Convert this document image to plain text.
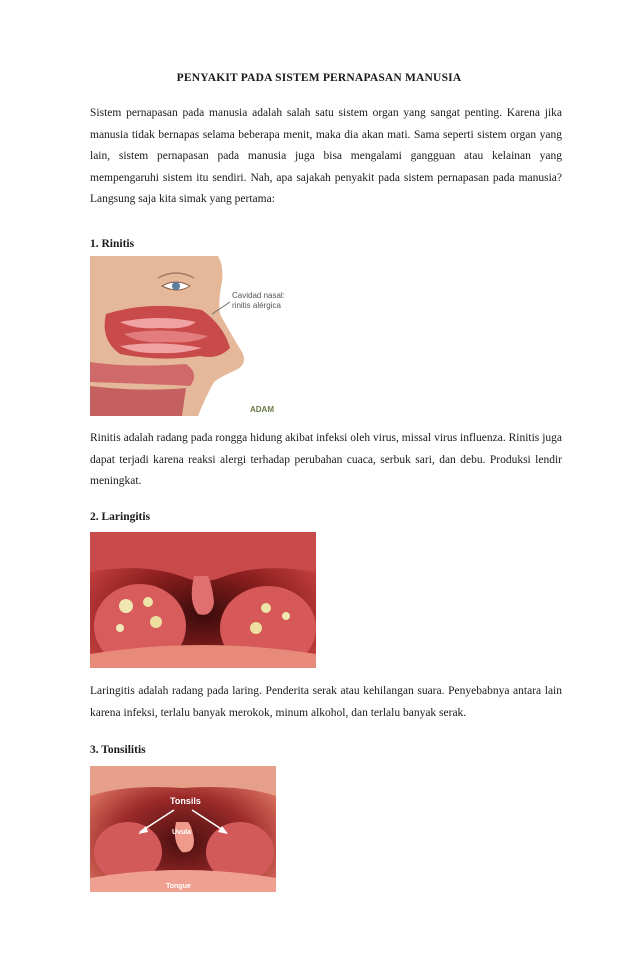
PENYAKIT PADA SISTEM PERNAPASAN MANUSIA

Sistem pernapasan pada manusia adalah salah satu sistem organ yang sangat penting. Karena jika manusia tidak bernapas selama beberapa menit, maka dia akan mati. Sama seperti sistem organ yang lain, sistem pernapasan pada manusia juga bisa mengalami gangguan atau kelainan yang mempengaruhi sistem itu sendiri. Nah, apa sajakah penyakit pada sistem pernapasan pada manusia? Langsung saja kita simak yang pertama:

1. Rinitis
Cavidad nasal:
rinitis alérgica
ADAM

Rinitis adalah radang pada rongga hidung akibat infeksi oleh virus, missal virus influenza. Rinitis juga dapat terjadi karena reaksi alergi terhadap perubahan cuaca, serbuk sari, dan debu. Produksi lendir meningkat.

2. Laringitis

Laringitis adalah radang pada laring. Penderita serak atau kehilangan suara. Penyebabnya antara lain karena infeksi, terlalu banyak merokok, minum alkohol, dan terlalu banyak serak.

3. Tonsilitis
Tonsils
Uvula
Tongue
